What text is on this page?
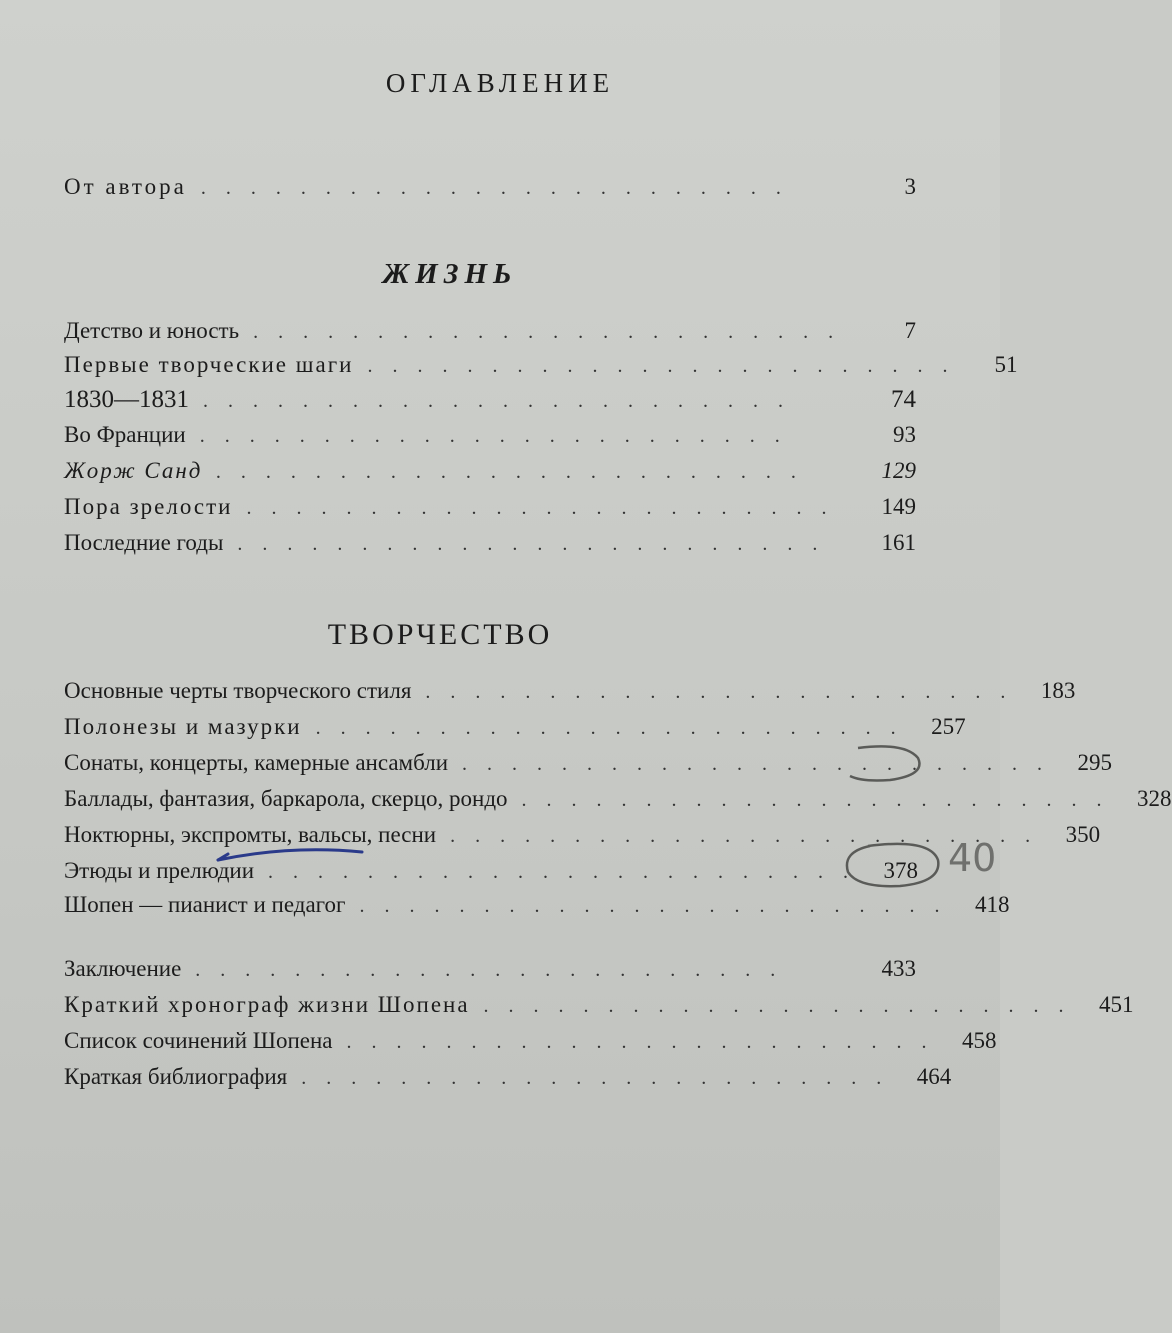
ОГЛАВЛЕНИЕ
От автора ........................	3
ЖИЗНЬ
Детство и юность ........................	7
Первые творческие шаги ........................	51
1830—1831 ........................	74
Во Франции ........................	93
Жорж Санд ........................	129
Пора зрелости ........................	149
Последние годы ........................	161
ТВОРЧЕСТВО
Основные черты творческого стиля ........................ 183
Полонезы и мазурки ........................ 257
Сонаты, концерты, камерные ансамбли ........................ 295
Баллады, фантазия, баркарола, скерцо, рондо ........................ 328
Ноктюрны, экспромты, вальсы, песни ........................ 350
Этюды и прелюдии ........................ 378
Шопен — пианист и педагог ........................ 418
Заключение ........................	433
Краткий хронограф жизни Шопена ........................ 451
Список сочинений Шопена ........................ 458
Краткая библиография ........................ 464
40
